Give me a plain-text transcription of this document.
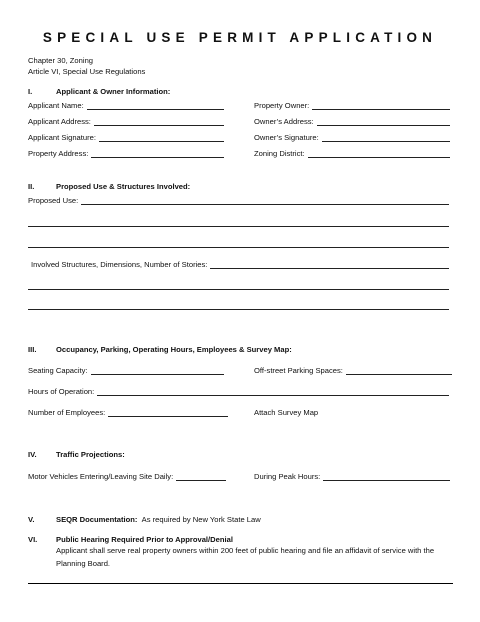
SPECIAL USE PERMIT APPLICATION
Chapter 30, Zoning
Article VI, Special Use Regulations
I.	Applicant & Owner Information:
Applicant Name:	Property Owner:
Applicant Address:	Owner’s Address:
Applicant Signature:	Owner’s Signature:
Property Address:	Zoning District:
II.	Proposed Use & Structures Involved:
Proposed Use:
Involved Structures, Dimensions, Number of Stories:
III.	Occupancy, Parking, Operating Hours, Employees & Survey Map:
Seating Capacity:	Off-street Parking Spaces:
Hours of Operation:
Number of Employees:	Attach Survey Map
IV.	Traffic Projections:
Motor Vehicles Entering/Leaving Site Daily:	During Peak Hours:
V.	SEQR Documentation: As required by New York State Law
VI. Public Hearing Required Prior to Approval/Denial
Applicant shall serve real property owners within 200 feet of public hearing and file an affidavit of service with the Planning Board.
